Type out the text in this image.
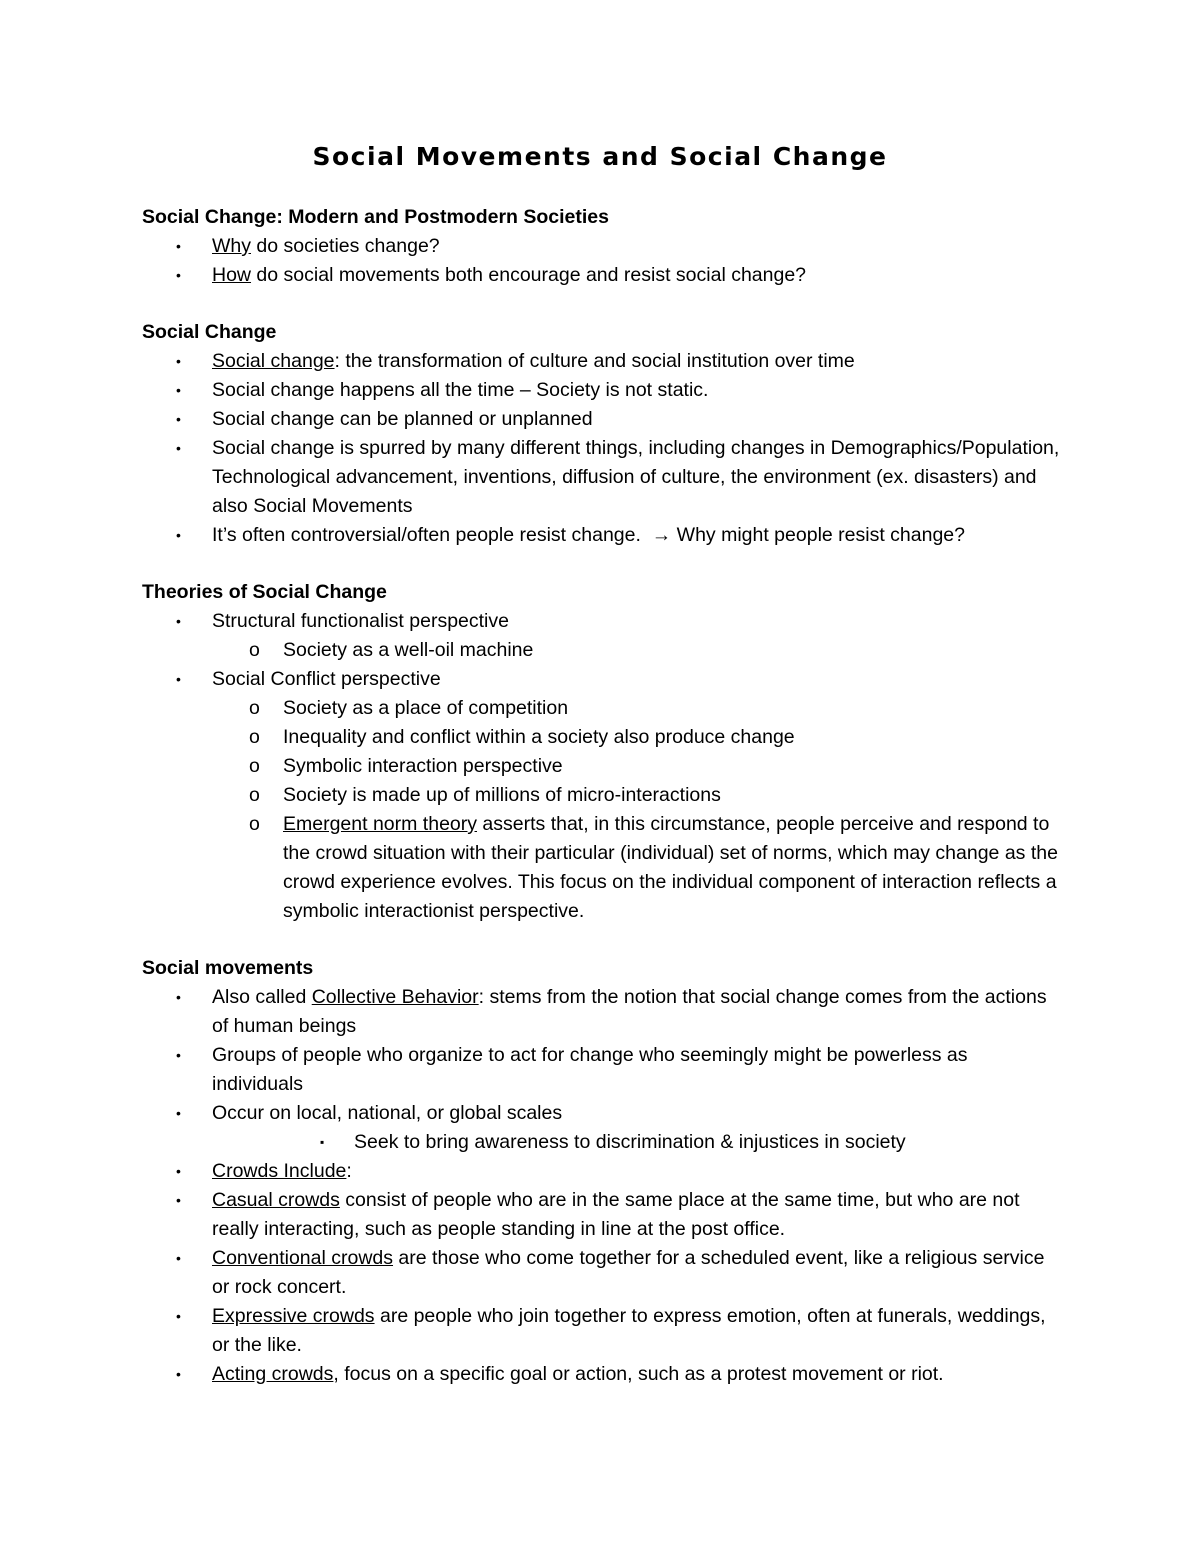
Social Movements and Social Change
Social Change: Modern and Postmodern Societies
• Why do societies change?
• How do social movements both encourage and resist social change?
Social Change
• Social change: the transformation of culture and social institution over time
• Social change happens all the time – Society is not static.
• Social change can be planned or unplanned
• Social change is spurred by many different things, including changes in Demographics/Population, Technological advancement, inventions, diffusion of culture, the environment (ex. disasters) and also Social Movements
• It’s often controversial/often people resist change. → Why might people resist change?
Theories of Social Change
• Structural functionalist perspective
o Society as a well-oil machine
• Social Conflict perspective
o Society as a place of competition
o Inequality and conflict within a society also produce change
o Symbolic interaction perspective
o Society is made up of millions of micro-interactions
o Emergent norm theory asserts that, in this circumstance, people perceive and respond to the crowd situation with their particular (individual) set of norms, which may change as the crowd experience evolves. This focus on the individual component of interaction reflects a symbolic interactionist perspective.
Social movements
• Also called Collective Behavior: stems from the notion that social change comes from the actions of human beings
• Groups of people who organize to act for change who seemingly might be powerless as individuals
• Occur on local, national, or global scales
▪ Seek to bring awareness to discrimination & injustices in society
• Crowds Include:
• Casual crowds consist of people who are in the same place at the same time, but who are not really interacting, such as people standing in line at the post office.
• Conventional crowds are those who come together for a scheduled event, like a religious service or rock concert.
• Expressive crowds are people who join together to express emotion, often at funerals, weddings, or the like.
• Acting crowds, focus on a specific goal or action, such as a protest movement or riot.
